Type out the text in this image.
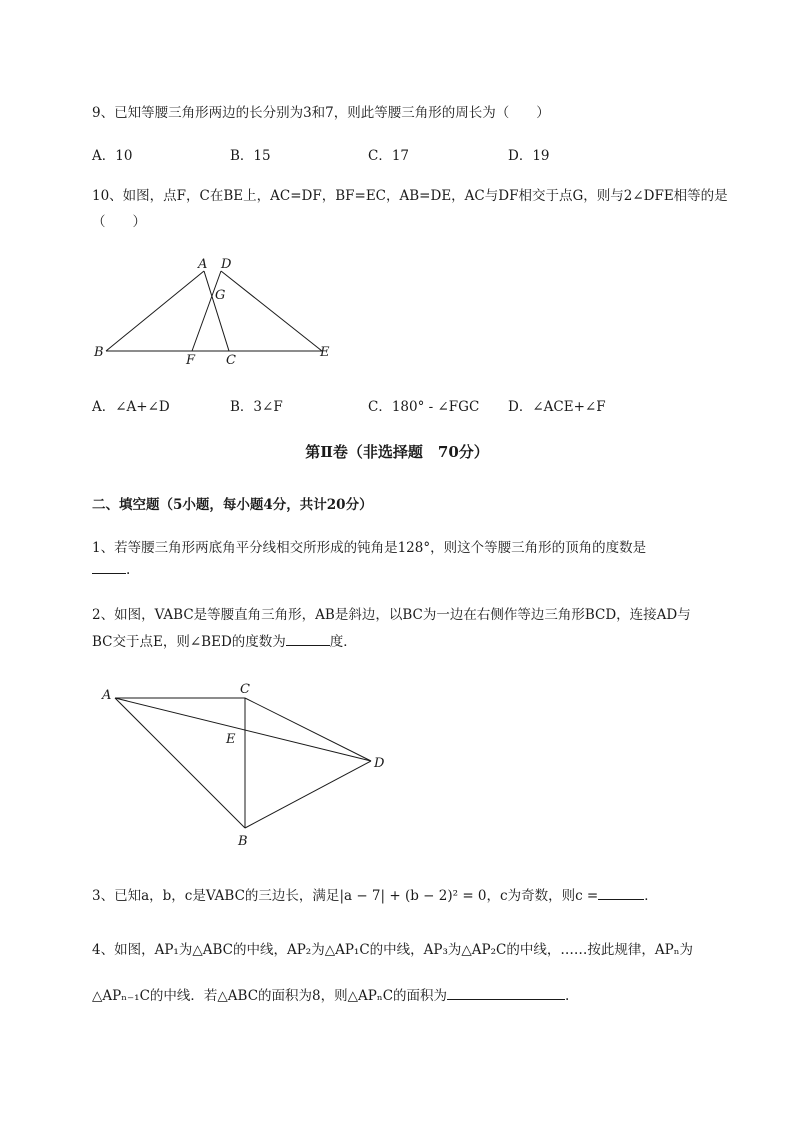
9、已知等腰三角形两边的长分别为3和7，则此等腰三角形的周长为（　　）
A．10	B．15	C．17	D．19
10、如图，点F，C在BE上，AC=DF，BF=EC，AB=DE，AC与DF相交于点G，则与2∠DFE相等的是
（　　）
A D
G
B
F C
E
A．∠A+∠D	B．3∠F	C．180° - ∠FGC D．∠ACE+∠F
第Ⅱ卷（非选择题　70分）
二、填空题（5小题，每小题4分，共计20分）
1、若等腰三角形两底角平分线相交所形成的钝角是128°，则这个等腰三角形的顶角的度数是
.
2、如图，VABC是等腰直角三角形，AB是斜边，以BC为一边在右侧作等边三角形BCD，连接AD与
BC交于点E，则∠BED的度数为	度．
A	C
E
D
B
3、已知a，b，c是VABC的三边长，满足|a − 7| + (b − 2)² = 0，c为奇数，则c =	．
4、如图，AP₁为△ABC的中线，AP₂为△AP₁C的中线，AP₃为△AP₂C的中线，……按此规律，APₙ为
△APₙ₋₁C的中线．若△ABC的面积为8，则△APₙC的面积为	.
